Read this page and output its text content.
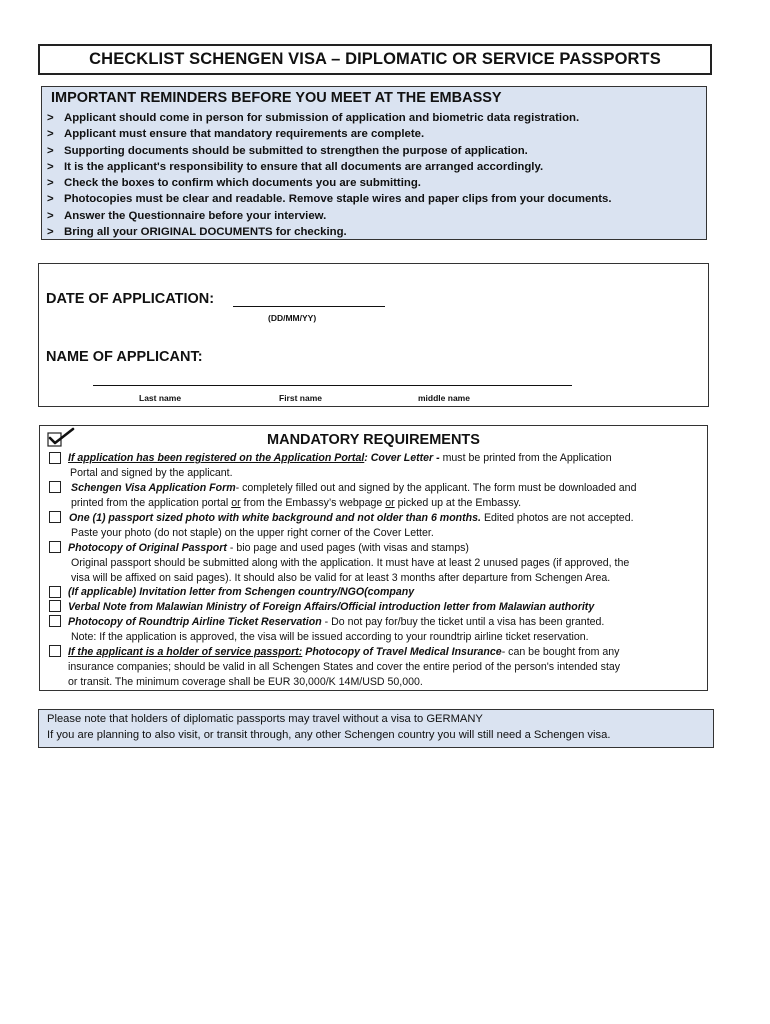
CHECKLIST SCHENGEN VISA – DIPLOMATIC OR SERVICE PASSPORTS
IMPORTANT REMINDERS BEFORE YOU MEET AT THE EMBASSY
> Applicant should come in person for submission of application and biometric data registration.
> Applicant must ensure that mandatory requirements are complete.
> Supporting documents should be submitted to strengthen the purpose of application.
> It is the applicant's responsibility to ensure that all documents are arranged accordingly.
> Check the boxes to confirm which documents you are submitting.
> Photocopies must be clear and readable. Remove staple wires and paper clips from your documents.
> Answer the Questionnaire before your interview.
> Bring all your ORIGINAL DOCUMENTS for checking.
DATE OF APPLICATION:
(DD/MM/YY)
NAME OF APPLICANT:
Last name	First name	middle name
MANDATORY REQUIREMENTS
If application has been registered on the Application Portal: Cover Letter - must be printed from the Application
Portal and signed by the applicant.
Schengen Visa Application Form- completely filled out and signed by the applicant. The form must be downloaded and
printed from the application portal or from the Embassy’s webpage or picked up at the Embassy.
One (1) passport sized photo with white background and not older than 6 months. Edited photos are not accepted.
Paste your photo (do not staple) on the upper right corner of the Cover Letter.
Photocopy of Original Passport - bio page and used pages (with visas and stamps)
Original passport should be submitted along with the application. It must have at least 2 unused pages (if approved, the
visa will be affixed on said pages). It should also be valid for at least 3 months after departure from Schengen Area.
(If applicable) Invitation letter from Schengen country/NGO(company
Verbal Note from Malawian Ministry of Foreign Affairs/Official introduction letter from Malawian authority
Photocopy of Roundtrip Airline Ticket Reservation - Do not pay for/buy the ticket until a visa has been granted.
Note: If the application is approved, the visa will be issued according to your roundtrip airline ticket reservation.
If the applicant is a holder of service passport: Photocopy of Travel Medical Insurance- can be bought from any
insurance companies; should be valid in all Schengen States and cover the entire period of the person's intended stay
or transit. The minimum coverage shall be EUR 30,000/K 14M/USD 50,000.
Please note that holders of diplomatic passports may travel without a visa to GERMANY
If you are planning to also visit, or transit through, any other Schengen country you will still need a Schengen visa.
